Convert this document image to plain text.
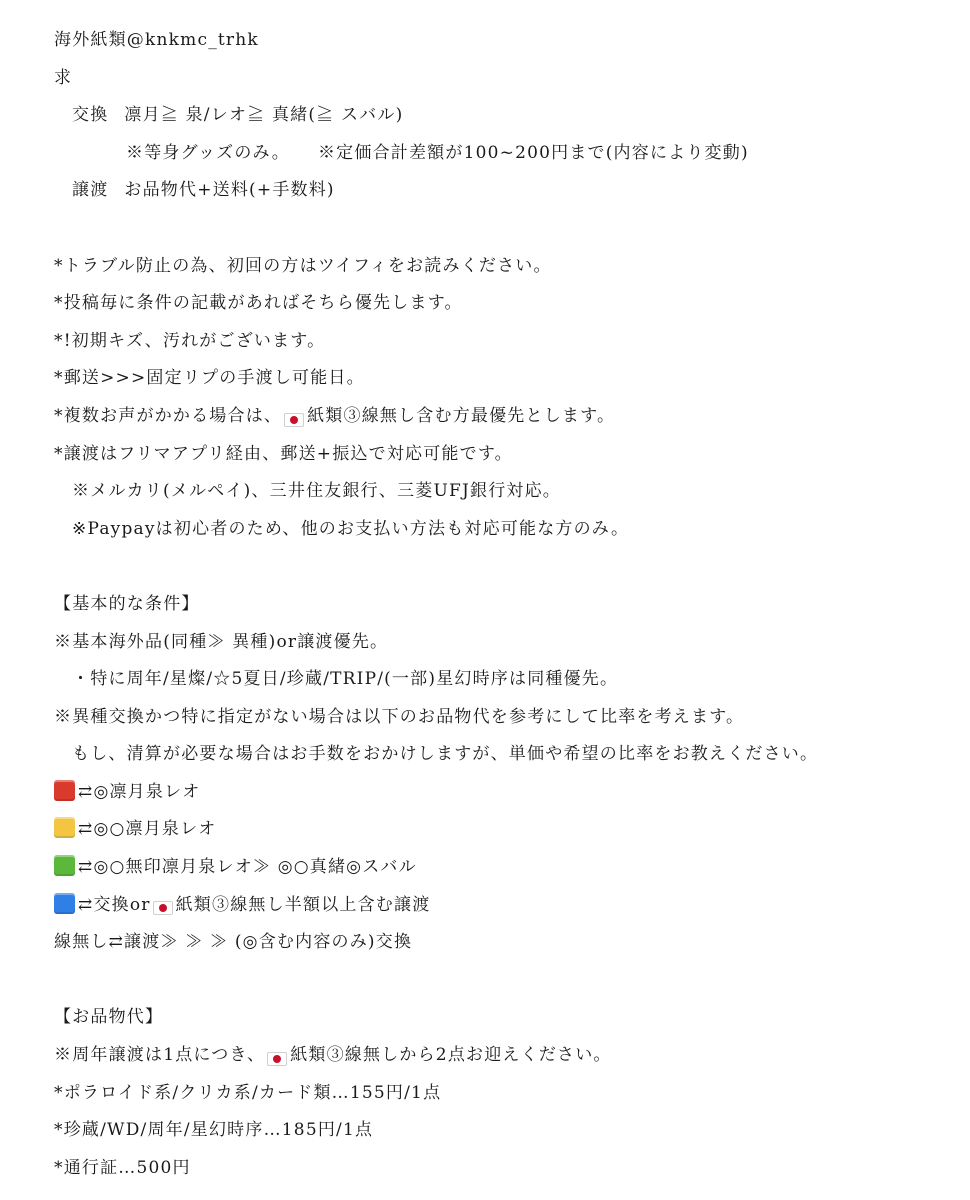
海外紙類@knkmc_trhk
求
交換 凛月≧ 泉/レオ≧ 真緒(≧ スバル)
※等身グッズのみ。 ※定価合計差額が100~200円まで(内容により変動)
譲渡 お品物代+送料(+手数料)
*トラブル防止の為、初回の方はツイフィをお読みください。
*投稿毎に条件の記載があればそちら優先します。
*!初期キズ、汚れがございます。
*郵送>>>固定リプの手渡し可能日。
*複数お声がかかる場合は、 紙類③線無し含む方最優先とします。
*譲渡はフリマアプリ経由、郵送+振込で対応可能です。
※メルカリ(メルペイ)、三井住友銀行、三菱UFJ銀行対応。
※Paypayは初心者のため、他のお支払い方法も対応可能な方のみ。
【基本的な条件】
※基本海外品(同種≫ 異種)or譲渡優先。
・特に周年/星燦/☆5夏日/珍蔵/TRIP/(一部)星幻時序は同種優先。
※異種交換かつ特に指定がない場合は以下のお品物代を参考にして比率を考えます。
もし、清算が必要な場合はお手数をおかけしますが、単価や希望の比率をお教えください。
⇄◎凛月泉レオ
⇄◎○凛月泉レオ
⇄◎○無印凛月泉レオ≫ ◎○真緒◎スバル
⇄交換or 紙類③線無し半額以上含む譲渡
線無し⇄譲渡≫ ≫ ≫ (◎含む内容のみ)交換
【お品物代】
※周年譲渡は1点につき、 紙類③線無しから2点お迎えください。
*ポラロイド系/クリカ系/カード類…155円/1点
*珍蔵/WD/周年/星幻時序…185円/1点
*通行証…500円
